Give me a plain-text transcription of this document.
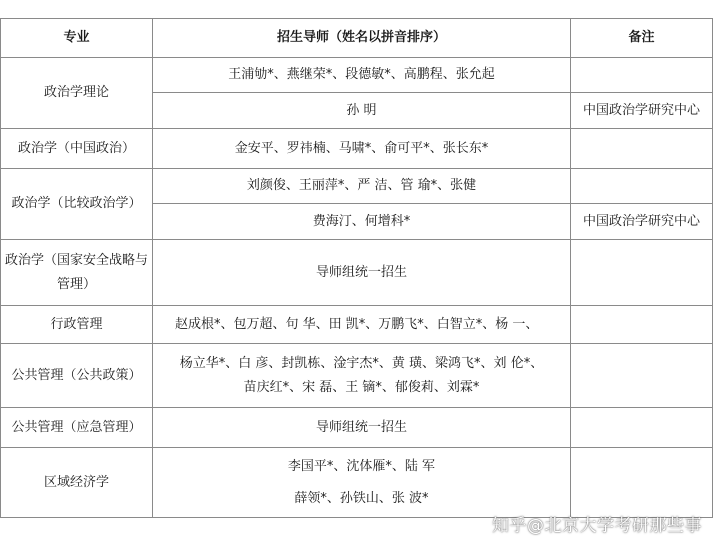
专业	招生导师（姓名以拼音排序）	备注
政治学理论	王浦劬*、燕继荣*、段德敏*、高鹏程、张允起	
	孙 明	中国政治学研究中心
政治学（中国政治）	金安平、罗祎楠、马啸*、俞可平*、张长东*	
政治学（比较政治学）	刘颜俊、王丽萍*、严 洁、管 瑜*、张健	
	费海汀、何增科*	中国政治学研究中心
政治学（国家安全战略与管理）	导师组统一招生	
行政管理	赵成根*、包万超、句 华、田 凯*、万鹏飞*、白智立*、杨 一、	
公共管理（公共政策）	杨立华*、白 彦、封凯栋、淦宇杰*、黄 璜、梁鸿飞*、刘 伦*、
苗庆红*、宋 磊、王 镝*、郁俊莉、刘霖*	
公共管理（应急管理）	导师组统一招生	
区域经济学	李国平*、沈体雁*、陆 军
薛领*、孙铁山、张 波*	
知乎@北京大学考研那些事
